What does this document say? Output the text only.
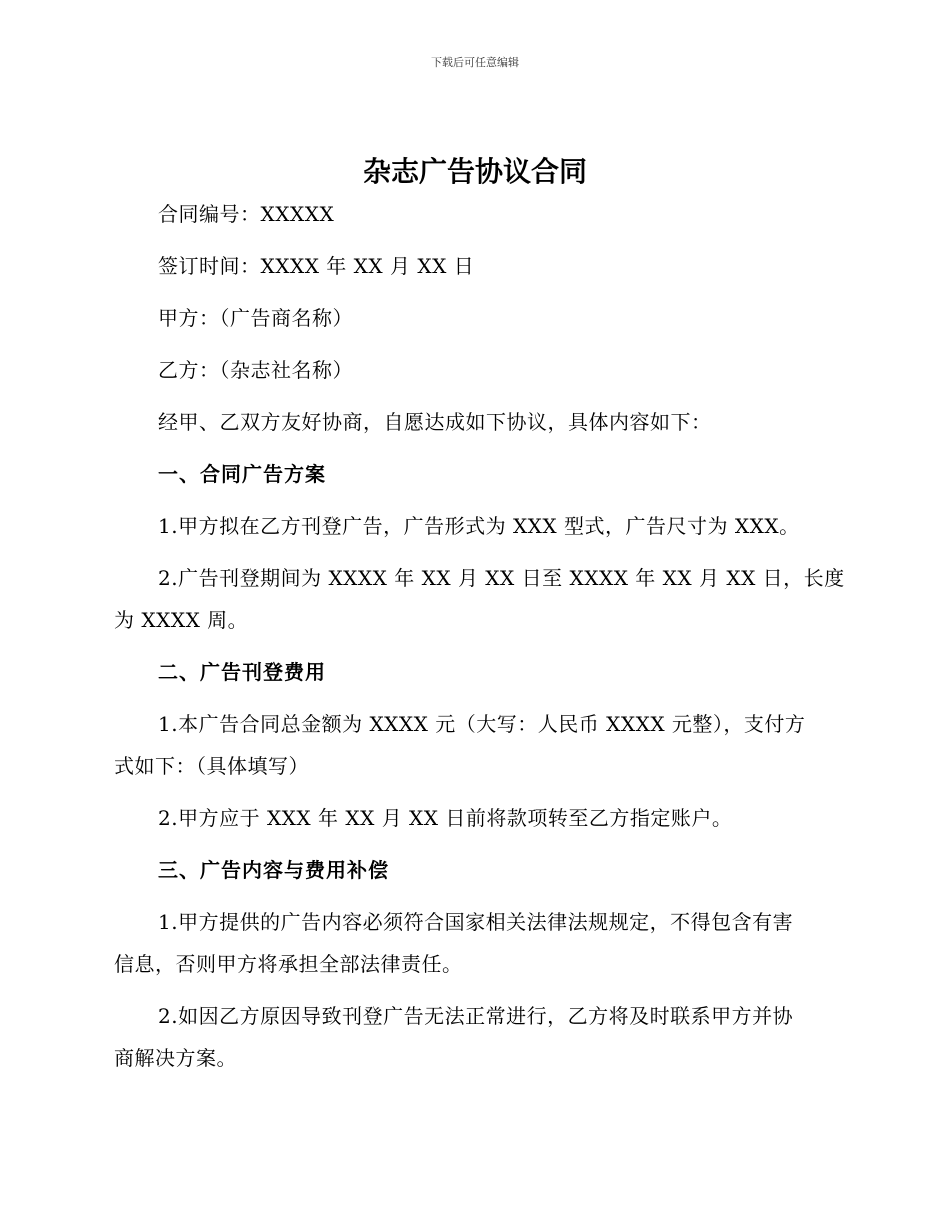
下载后可任意编辑
杂志广告协议合同
合同编号：XXXXX
签订时间：XXXX 年 XX 月 XX 日
甲方：（广告商名称）
乙方：（杂志社名称）
经甲、乙双方友好协商，自愿达成如下协议，具体内容如下：
一、合同广告方案
1.甲方拟在乙方刊登广告，广告形式为 XXX 型式，广告尺寸为 XXX。
2.广告刊登期间为 XXXX 年 XX 月 XX 日至 XXXX 年 XX 月 XX 日，长度
为 XXXX 周。
二、广告刊登费用
1.本广告合同总金额为 XXXX 元（大写：人民币 XXXX 元整），支付方
式如下：（具体填写）
2.甲方应于 XXX 年 XX 月 XX 日前将款项转至乙方指定账户。
三、广告内容与费用补偿
1.甲方提供的广告内容必须符合国家相关法律法规规定，不得包含有害
信息，否则甲方将承担全部法律责任。
2.如因乙方原因导致刊登广告无法正常进行，乙方将及时联系甲方并协
商解决方案。
